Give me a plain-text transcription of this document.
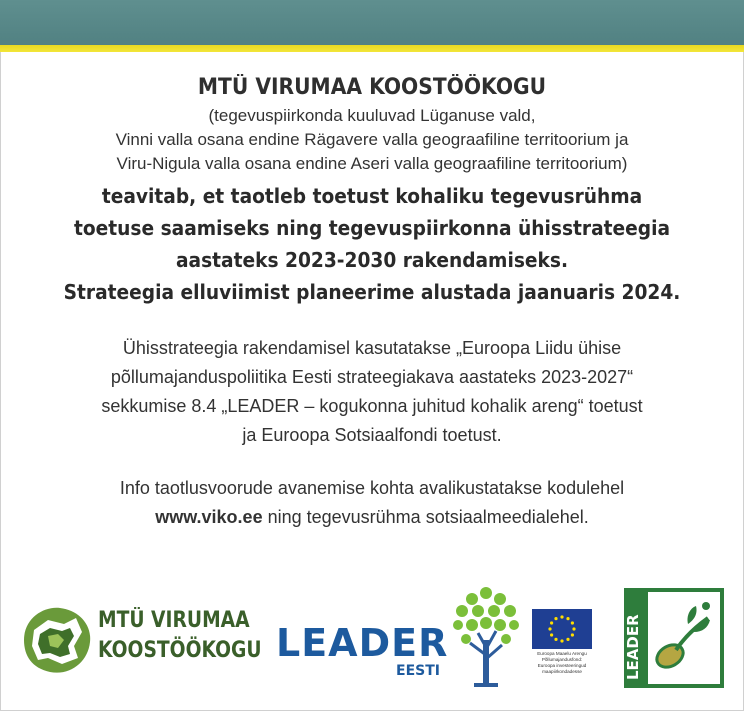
MTÜ VIRUMAA KOOSTÖÖKOGU
(tegevuspiirkonda kuuluvad Lüganuse vald,
Vinni valla osana endine Rägavere valla geograafiline territoorium ja
Viru-Nigula valla osana endine Aseri valla geograafiline territoorium)
teavitab, et taotleb toetust kohaliku tegevusrühma
toetuse saamiseks ning tegevuspiirkonna ühisstrateegia
aastateks 2023-2030 rakendamiseks.
Strateegia elluviimist planeerime alustada jaanuaris 2024.
Ühisstrateegia rakendamisel kasutatakse „Euroopa Liidu ühise
põllumajanduspoliitika Eesti strateegiakava aastateks 2023-2027“
sekkumise 8.4 „LEADER – kogukonna juhitud kohalik areng“ toetust
ja Euroopa Sotsiaalfondi toetust.
Info taotlusvoorude avanemise kohta avalikustatakse kodulehel
www.viko.ee ning tegevusrühma sotsiaalmeedialehel.
MTÜ VIRUMAA
KOOSTÖÖKOGU LEADER
EESTI
Euroopa Maaelu Arengu
Põllumajandusfond:
Euroopa investeeringud
maapiirkondadesse	LEADER
